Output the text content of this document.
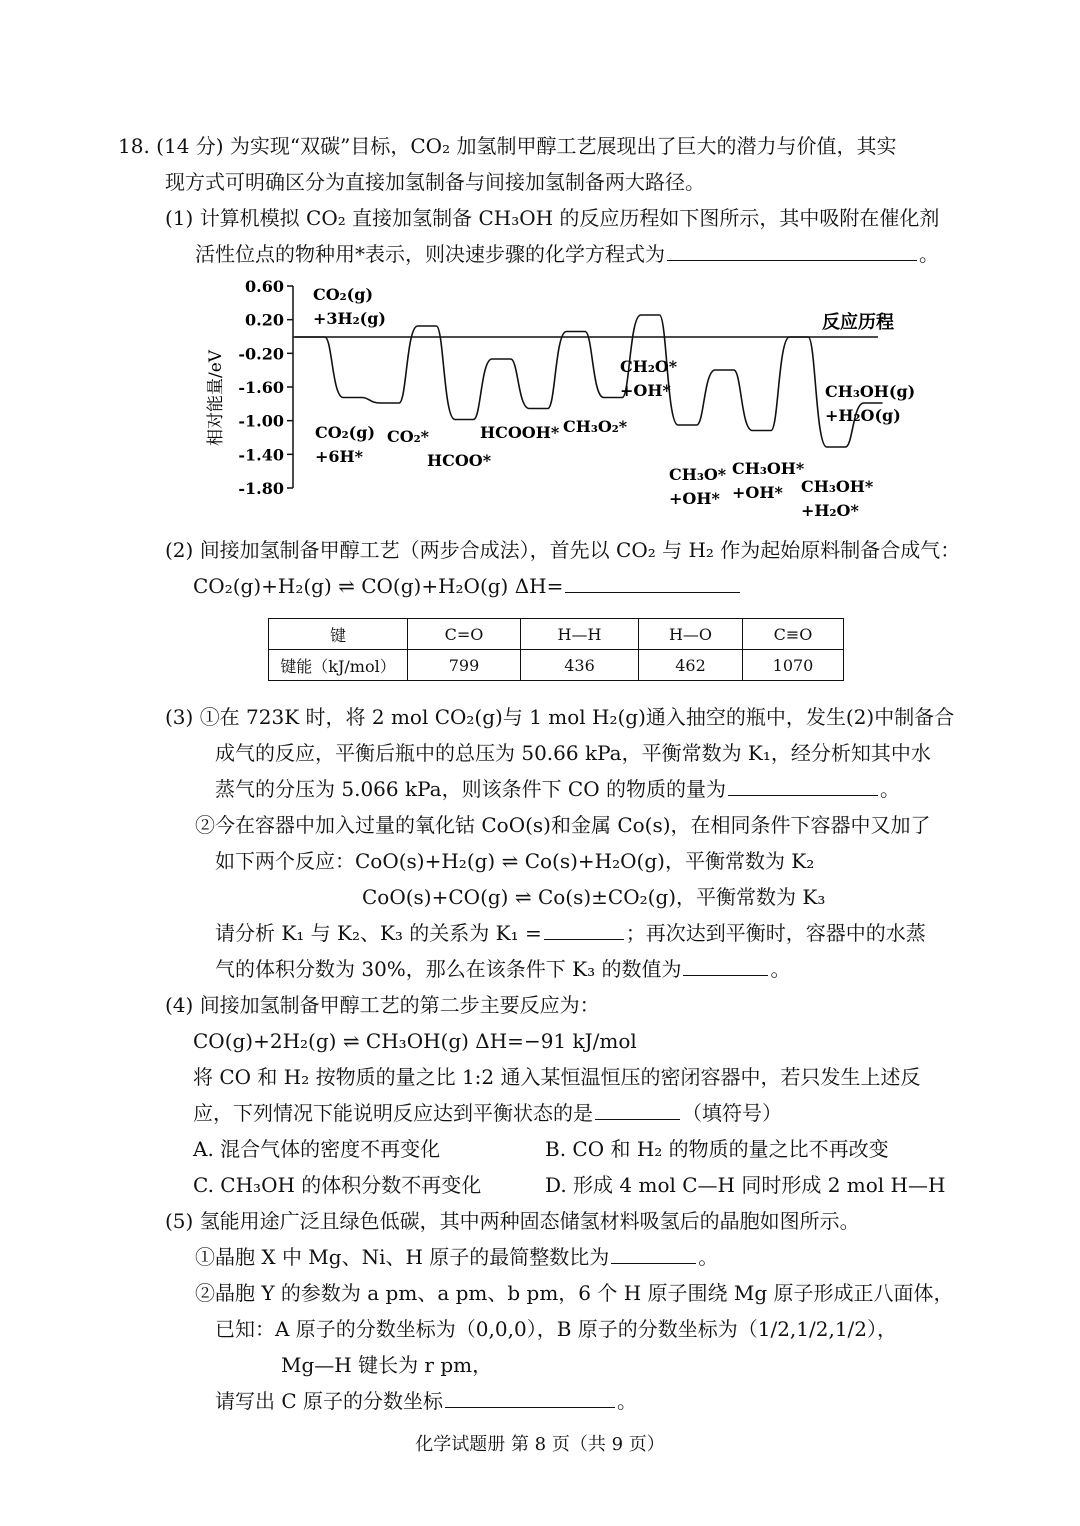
18. (14 分) 为实现“双碳”目标，CO₂ 加氢制甲醇工艺展现出了巨大的潜力与价值，其实
现方式可明确区分为直接加氢制备与间接加氢制备两大路径。
(1) 计算机模拟 CO₂ 直接加氢制备 CH₃OH 的反应历程如下图所示，其中吸附在催化剂
活性位点的物种用*表示，则决速步骤的化学方程式为	。
0.60
0.20
-0.20
-1.60
-1.00
-1.40
-1.80
相对能量/eV
反应历程
CO₂(g)
+3H₂(g)
CO₂(g)
+6H*
CO₂*
HCOO*
HCOOH* CH₃O₂*
CH₂O*
+OH*
CH₃O*
+OH*
CH₃OH*
+OH* CH₃OH*
+H₂O*
CH₃OH(g)
+H₂O(g)
(2) 间接加氢制备甲醇工艺（两步合成法），首先以 CO₂ 与 H₂ 作为起始原料制备合成气：
CO₂(g)+H₂(g) ⇌ CO(g)+H₂O(g) ΔH=
键	C=O	H—H	H—O	C≡O
键能（kJ/mol）	799	436	462	1070
(3) ①在 723K 时，将 2 mol CO₂(g)与 1 mol H₂(g)通入抽空的瓶中，发生(2)中制备合
成气的反应，平衡后瓶中的总压为 50.66 kPa，平衡常数为 K₁，经分析知其中水
蒸气的分压为 5.066 kPa，则该条件下 CO 的物质的量为	。
②今在容器中加入过量的氧化钴 CoO(s)和金属 Co(s)，在相同条件下容器中又加了
如下两个反应：CoO(s)+H₂(g) ⇌ Co(s)+H₂O(g)，平衡常数为 K₂
CoO(s)+CO(g) ⇌ Co(s)±CO₂(g)，平衡常数为 K₃
请分析 K₁ 与 K₂、K₃ 的关系为 K₁ =	；再次达到平衡时，容器中的水蒸
气的体积分数为 30%，那么在该条件下 K₃ 的数值为	。
(4) 间接加氢制备甲醇工艺的第二步主要反应为：
CO(g)+2H₂(g) ⇌ CH₃OH(g) ΔH=−91 kJ/mol
将 CO 和 H₂ 按物质的量之比 1:2 通入某恒温恒压的密闭容器中，若只发生上述反
应，下列情况下能说明反应达到平衡状态的是	（填符号）
A. 混合气体的密度不再变化	B. CO 和 H₂ 的物质的量之比不再改变
C. CH₃OH 的体积分数不再变化	D. 形成 4 mol C—H 同时形成 2 mol H—H
(5) 氢能用途广泛且绿色低碳，其中两种固态储氢材料吸氢后的晶胞如图所示。
①晶胞 X 中 Mg、Ni、H 原子的最简整数比为	。
②晶胞 Y 的参数为 a pm、a pm、b pm，6 个 H 原子围绕 Mg 原子形成正八面体，
已知：A 原子的分数坐标为（0,0,0），B 原子的分数坐标为（1/2,1/2,1/2），
Mg—H 键长为 r pm，
请写出 C 原子的分数坐标	。
化学试题册 第 8 页（共 9 页）
